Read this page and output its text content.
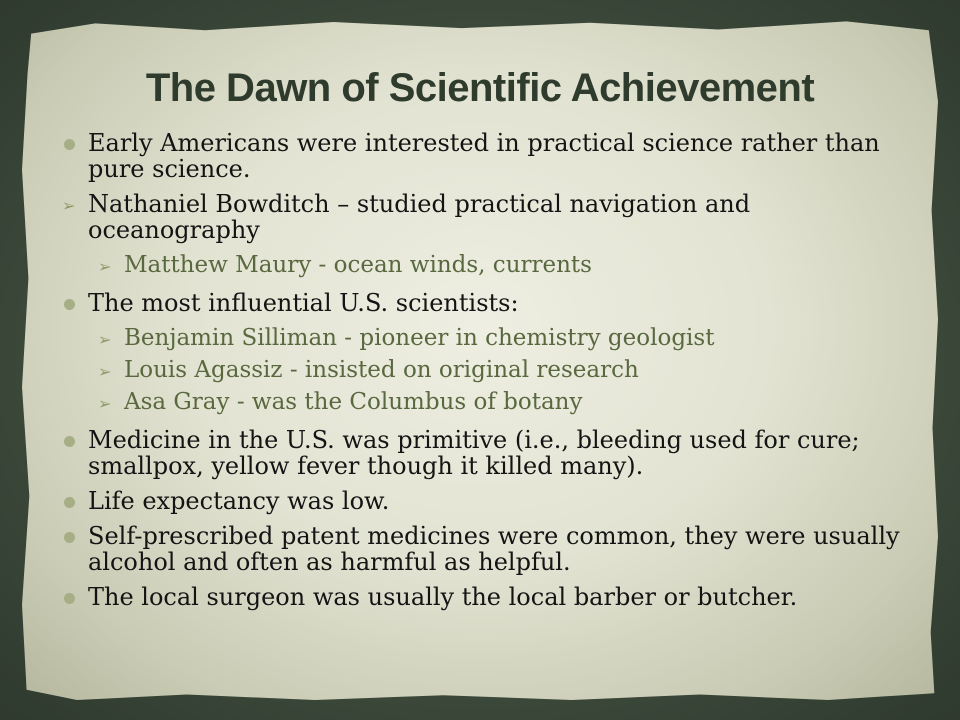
The Dawn of Scientific Achievement
Early Americans were interested in practical science rather than pure science.
➢ Nathaniel Bowditch – studied practical navigation and oceanography
➢ Matthew Maury - ocean winds, currents
The most influential U.S. scientists:
➢ Benjamin Silliman - pioneer in chemistry geologist
➢ Louis Agassiz - insisted on original research
➢ Asa Gray - was the Columbus of botany
Medicine in the U.S. was primitive (i.e., bleeding used for cure; smallpox, yellow fever though it killed many).
Life expectancy was low.
Self-prescribed patent medicines were common, they were usually alcohol and often as harmful as helpful.
The local surgeon was usually the local barber or butcher.
